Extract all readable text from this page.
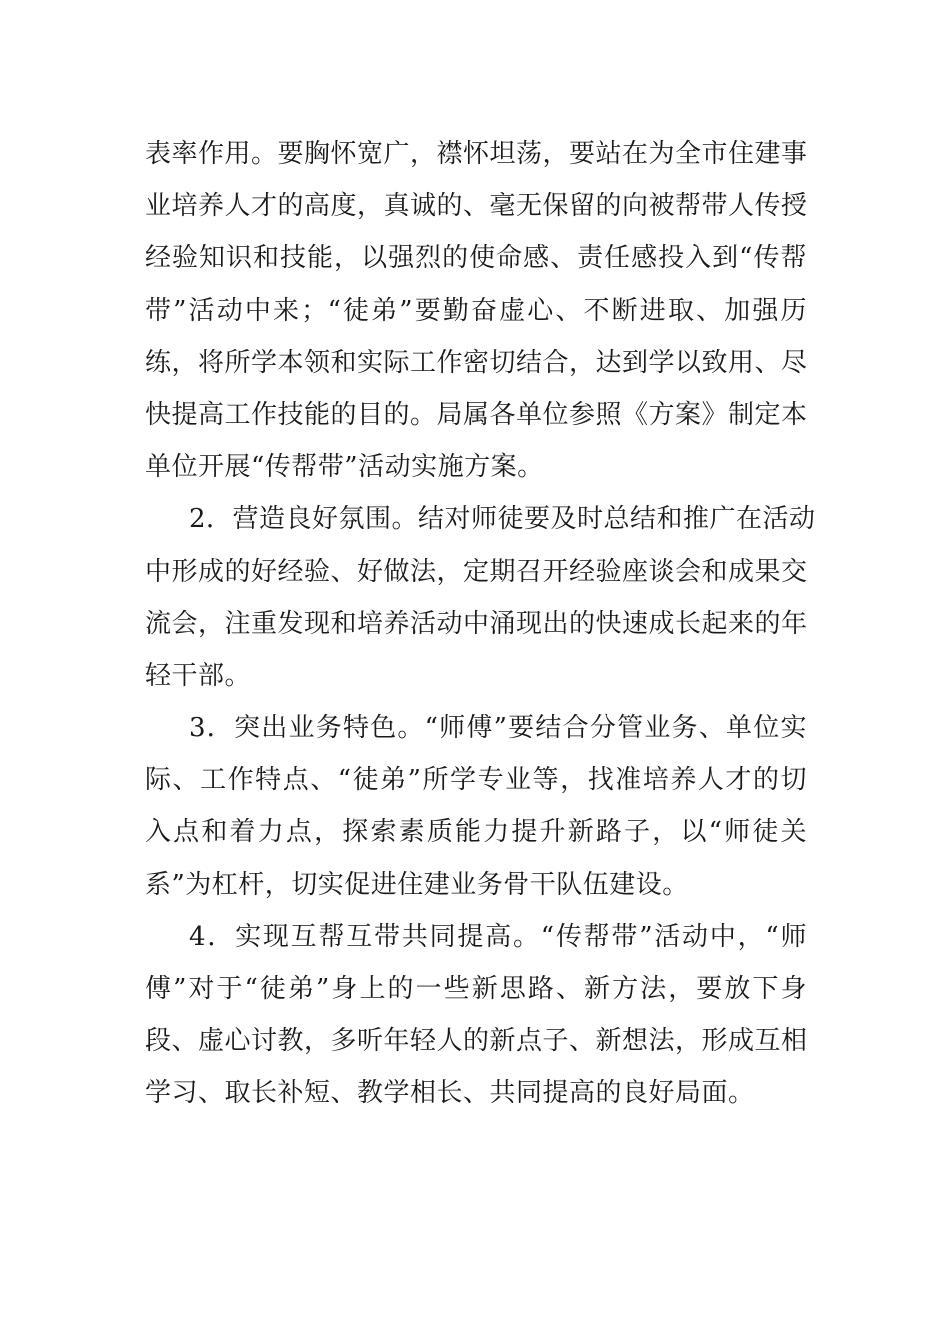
表率作用。要胸怀宽广，襟怀坦荡，要站在为全市住建事
业培养人才的高度，真诚的、毫无保留的向被帮带人传授
经验知识和技能，以强烈的使命感、责任感投入到“传帮
带”活动中来；“徒弟”要勤奋虚心、不断进取、加强历
练，将所学本领和实际工作密切结合，达到学以致用、尽
快提高工作技能的目的。局属各单位参照《方案》制定本
单位开展“传帮带”活动实施方案。
2．营造良好氛围。结对师徒要及时总结和推广在活动
中形成的好经验、好做法，定期召开经验座谈会和成果交
流会，注重发现和培养活动中涌现出的快速成长起来的年
轻干部。
3．突出业务特色。“师傅”要结合分管业务、单位实
际、工作特点、“徒弟”所学专业等，找准培养人才的切
入点和着力点，探索素质能力提升新路子，以“师徒关
系”为杠杆，切实促进住建业务骨干队伍建设。
4．实现互帮互带共同提高。“传帮带”活动中，“师
傅”对于“徒弟”身上的一些新思路、新方法，要放下身
段、虚心讨教，多听年轻人的新点子、新想法，形成互相
学习、取长补短、教学相长、共同提高的良好局面。
